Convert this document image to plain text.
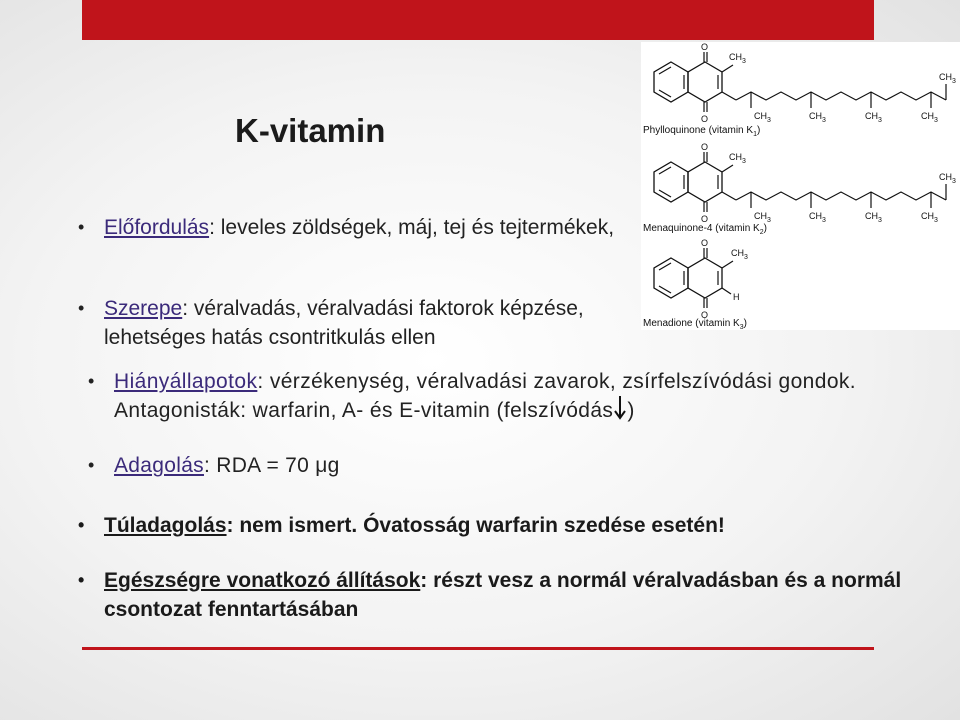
K-vitamin
• Előfordulás: leveles zöldségek, máj, tej és tejtermékek,
• Szerepe: véralvadás, véralvadási faktorok képzése, lehetséges hatás csontritkulás ellen
• Hiányállapotok: vérzékenység, véralvadási zavarok, zsírfelszívódási gondok. Antagonisták: warfarin, A- és E-vitamin (felszívódás )
• Adagolás: RDA = 70 μg
• Túladagolás: nem ismert. Óvatosság warfarin szedése esetén!
• Egészségre vonatkozó állítások: részt vesz a normál véralvadásban és a normál csontozat fenntartásában
O
O
$CH_3$
$CH_3$	$CH_3$	$CH_3$	$CH_3$
$CH_3$
Phylloquinone (vitamin $K_1$)
O
O
$CH_3$
$CH_3$	$CH_3$	$CH_3$	$CH_3$
$CH_3$
Menaquinone-4 (vitamin $K_2$)
O
O
$CH_3$
H
Menadione (vitamin $K_3$)
